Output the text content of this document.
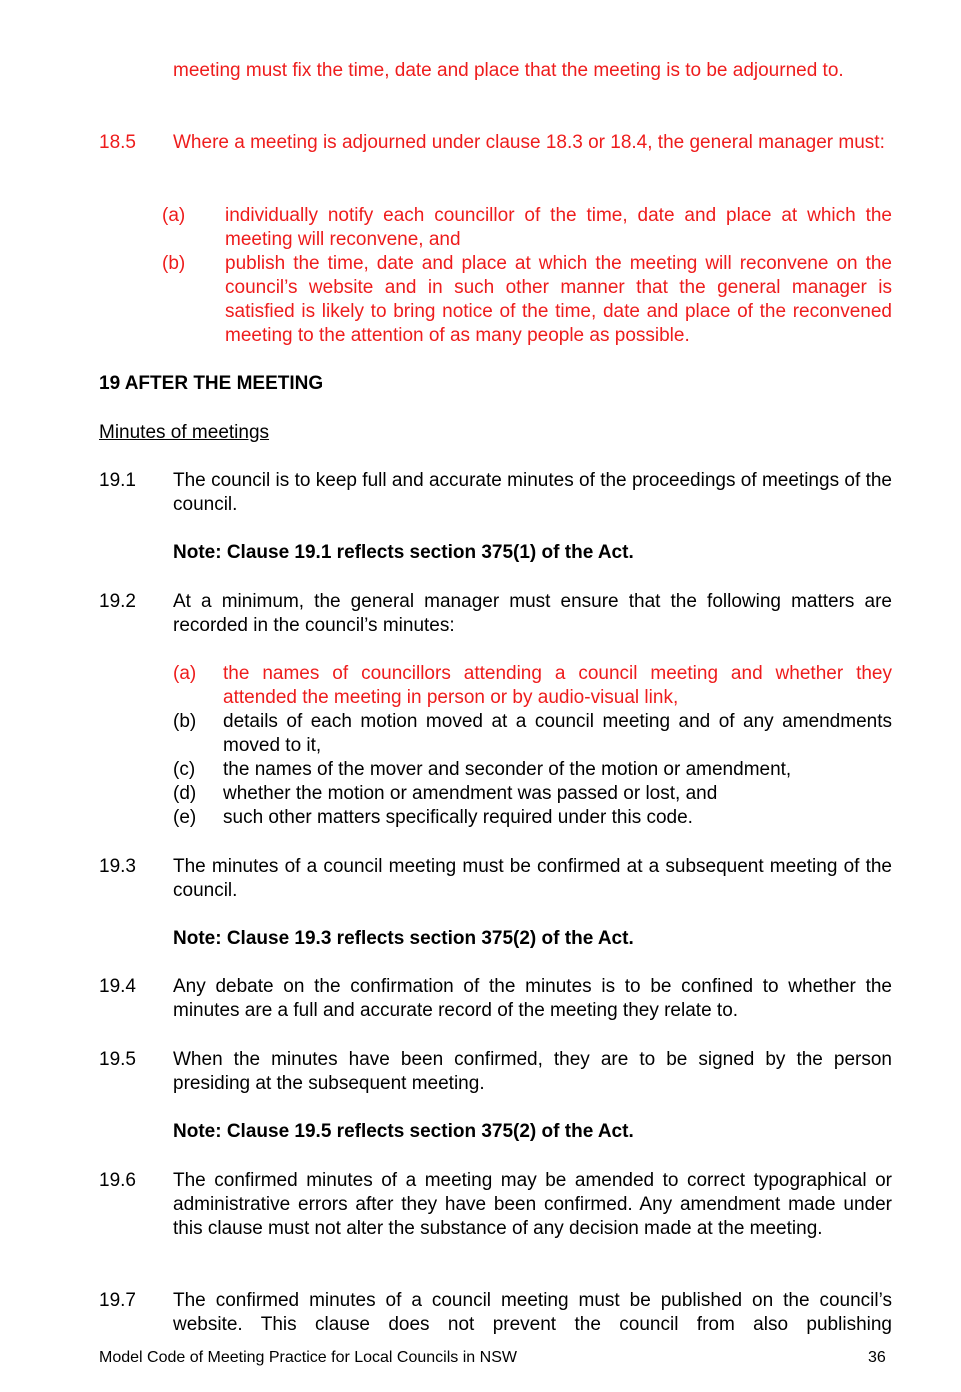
meeting must fix the time, date and place that the meeting is to be adjourned to.
18.5 Where a meeting is adjourned under clause 18.3 or 18.4, the general manager must:
(a) individually notify each councillor of the time, date and place at which the meeting will reconvene, and
(b) publish the time, date and place at which the meeting will reconvene on the council’s website and in such other manner that the general manager is satisfied is likely to bring notice of the time, date and place of the reconvened meeting to the attention of as many people as possible.
19 AFTER THE MEETING
Minutes of meetings
19.1 The council is to keep full and accurate minutes of the proceedings of meetings of the council.
Note: Clause 19.1 reflects section 375(1) of the Act.
19.2 At a minimum, the general manager must ensure that the following matters are recorded in the council’s minutes:
(a) the names of councillors attending a council meeting and whether they attended the meeting in person or by audio-visual link,
(b) details of each motion moved at a council meeting and of any amendments moved to it,
(c) the names of the mover and seconder of the motion or amendment,
(d) whether the motion or amendment was passed or lost, and
(e) such other matters specifically required under this code.
19.3 The minutes of a council meeting must be confirmed at a subsequent meeting of the council.
Note: Clause 19.3 reflects section 375(2) of the Act.
19.4 Any debate on the confirmation of the minutes is to be confined to whether the minutes are a full and accurate record of the meeting they relate to.
19.5 When the minutes have been confirmed, they are to be signed by the person presiding at the subsequent meeting.
Note: Clause 19.5 reflects section 375(2) of the Act.
19.6 The confirmed minutes of a meeting may be amended to correct typographical or administrative errors after they have been confirmed. Any amendment made under this clause must not alter the substance of any decision made at the meeting.
19.7 The confirmed minutes of a council meeting must be published on the council’s website. This clause does not prevent the council from also publishing
Model Code of Meeting Practice for Local Councils in NSW	36
